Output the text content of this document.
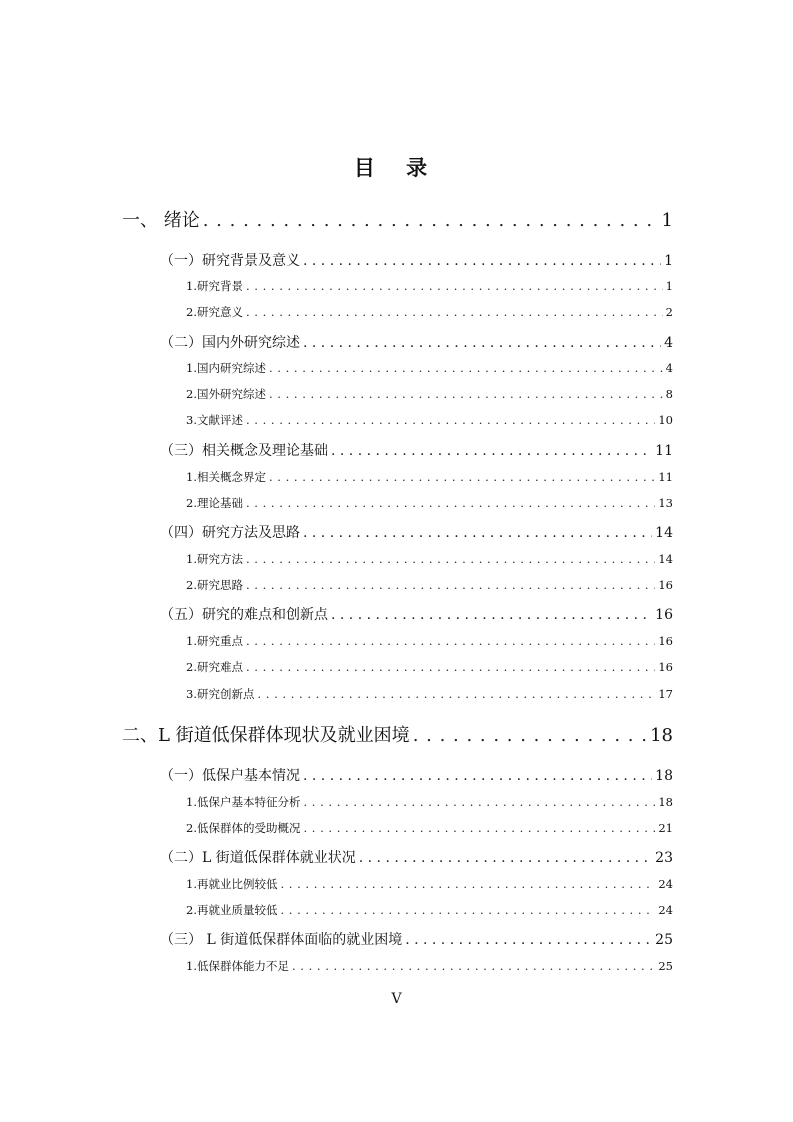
目 录
一、 绪论 . . .	1
（一）研究背景及意义 . . .	1
1.研究背景 . . .	1
2.研究意义 . . .	2
（二）国内外研究综述 . . .	4
1.国内研究综述 . . .	4
2.国外研究综述 . . .	8
3.文献评述 . . .	10
（三）相关概念及理论基础 . . .	11
1.相关概念界定 . . .	11
2.理论基础 . . .	13
（四）研究方法及思路 . . .	14
1.研究方法 . . .	14
2.研究思路 . . .	16
（五）研究的难点和创新点 . . .	16
1.研究重点 . . .	16
2.研究难点 . . .	16
3.研究创新点 . . .	17
二、L 街道低保群体现状及就业困境 . . .	18
（一）低保户基本情况 . . .	18
1.低保户基本特征分析 . . .	18
2.低保群体的受助概况 . . .	21
（二）L 街道低保群体就业状况 . . .	23
1.再就业比例较低 . . .	24
2.再就业质量较低 . . .	24
（三） L 街道低保群体面临的就业困境 . . .	25
1.低保群体能力不足 . . .	25
V
